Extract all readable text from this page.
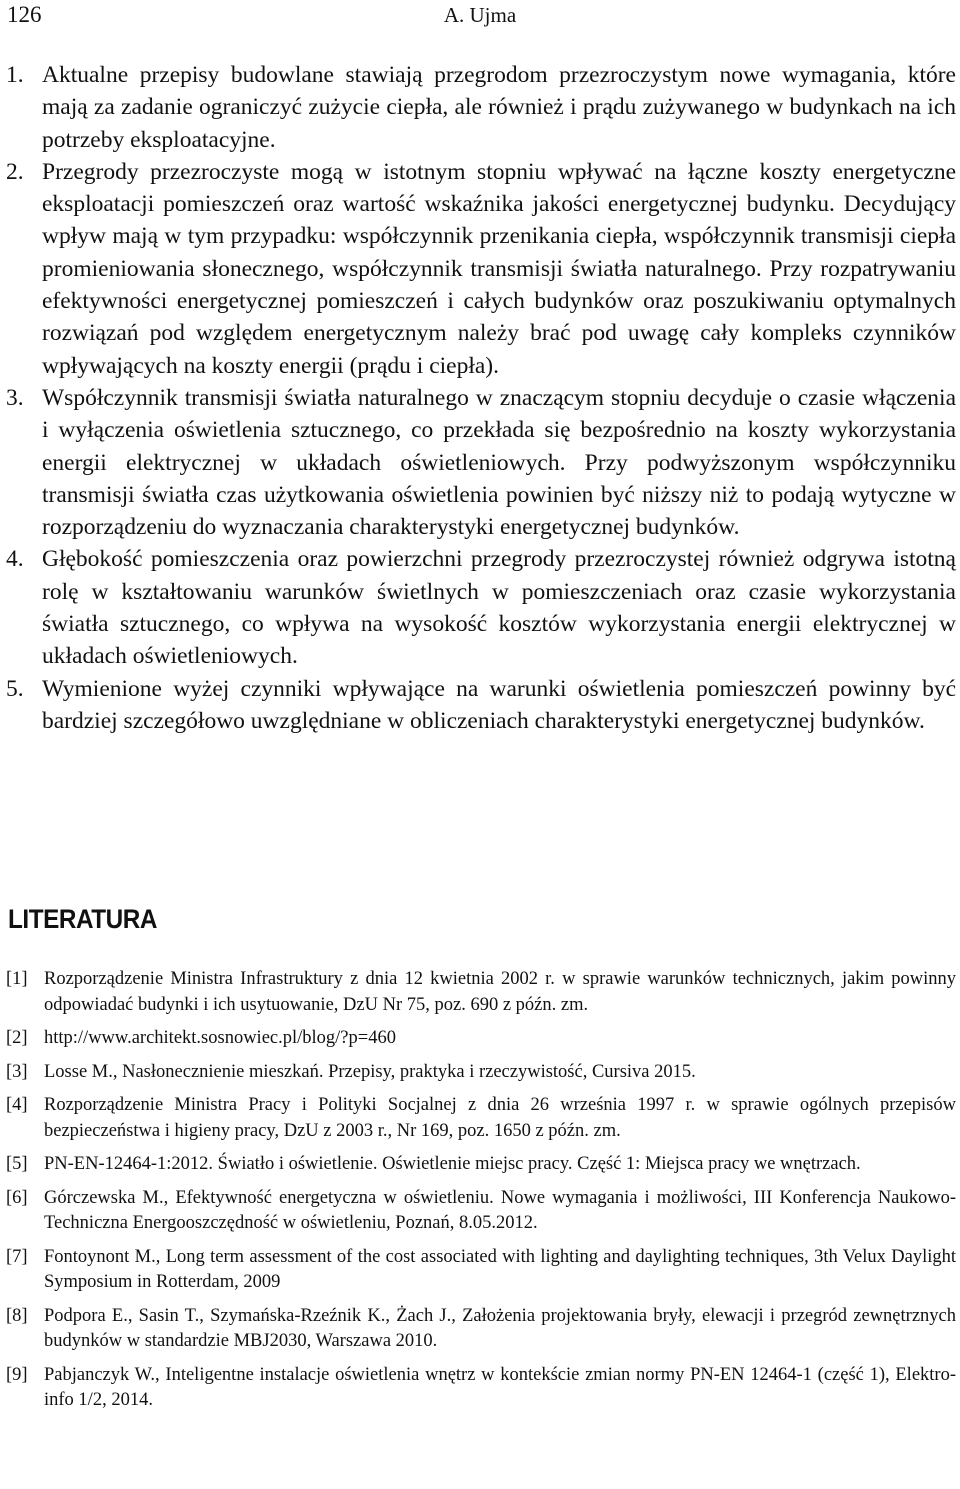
126	A. Ujma
1. Aktualne przepisy budowlane stawiają przegrodom przezroczystym nowe wymagania, które mają za zadanie ograniczyć zużycie ciepła, ale również i prądu zużywanego w budynkach na ich potrzeby eksploatacyjne.
2. Przegrody przezroczyste mogą w istotnym stopniu wpływać na łączne koszty energetyczne eksploatacji pomieszczeń oraz wartość wskaźnika jakości energetycznej budynku. Decydujący wpływ mają w tym przypadku: współczynnik przenikania ciepła, współczynnik transmisji ciepła promieniowania słonecznego, współczynnik transmisji światła naturalnego. Przy rozpatrywaniu efektywności energetycznej pomieszczeń i całych budynków oraz poszukiwaniu optymalnych rozwiązań pod względem energetycznym należy brać pod uwagę cały kompleks czynników wpływających na koszty energii (prądu i ciepła).
3. Współczynnik transmisji światła naturalnego w znaczącym stopniu decyduje o czasie włączenia i wyłączenia oświetlenia sztucznego, co przekłada się bezpośrednio na koszty wykorzystania energii elektrycznej w układach oświetleniowych. Przy podwyższonym współczynniku transmisji światła czas użytkowania oświetlenia powinien być niższy niż to podają wytyczne w rozporządzeniu do wyznaczania charakterystyki energetycznej budynków.
4. Głębokość pomieszczenia oraz powierzchni przegrody przezroczystej również odgrywa istotną rolę w kształtowaniu warunków świetlnych w pomieszczeniach oraz czasie wykorzystania światła sztucznego, co wpływa na wysokość kosztów wykorzystania energii elektrycznej w układach oświetleniowych.
5. Wymienione wyżej czynniki wpływające na warunki oświetlenia pomieszczeń powinny być bardziej szczegółowo uwzględniane w obliczeniach charakterystyki energetycznej budynków.
LITERATURA
[1] Rozporządzenie Ministra Infrastruktury z dnia 12 kwietnia 2002 r. w sprawie warunków technicznych, jakim powinny odpowiadać budynki i ich usytuowanie, DzU Nr 75, poz. 690 z późn. zm.
[2] http://www.architekt.sosnowiec.pl/blog/?p=460
[3] Losse M., Nasłonecznienie mieszkań. Przepisy, praktyka i rzeczywistość, Cursiva 2015.
[4] Rozporządzenie Ministra Pracy i Polityki Socjalnej z dnia 26 września 1997 r. w sprawie ogólnych przepisów bezpieczeństwa i higieny pracy, DzU z 2003 r., Nr 169, poz. 1650 z późn. zm.
[5] PN-EN-12464-1:2012. Światło i oświetlenie. Oświetlenie miejsc pracy. Część 1: Miejsca pracy we wnętrzach.
[6] Górczewska M., Efektywność energetyczna w oświetleniu. Nowe wymagania i możliwości, III Konferencja Naukowo-Techniczna Energooszczędność w oświetleniu, Poznań, 8.05.2012.
[7] Fontoynont M., Long term assessment of the cost associated with lighting and daylighting techniques, 3th Velux Daylight Symposium in Rotterdam, 2009
[8] Podpora E., Sasin T., Szymańska-Rzeźnik K., Żach J., Założenia projektowania bryły, elewacji i przegród zewnętrznych budynków w standardzie MBJ2030, Warszawa 2010.
[9] Pabjanczyk W., Inteligentne instalacje oświetlenia wnętrz w kontekście zmian normy PN-EN 12464-1 (część 1), Elektro-info 1/2, 2014.
